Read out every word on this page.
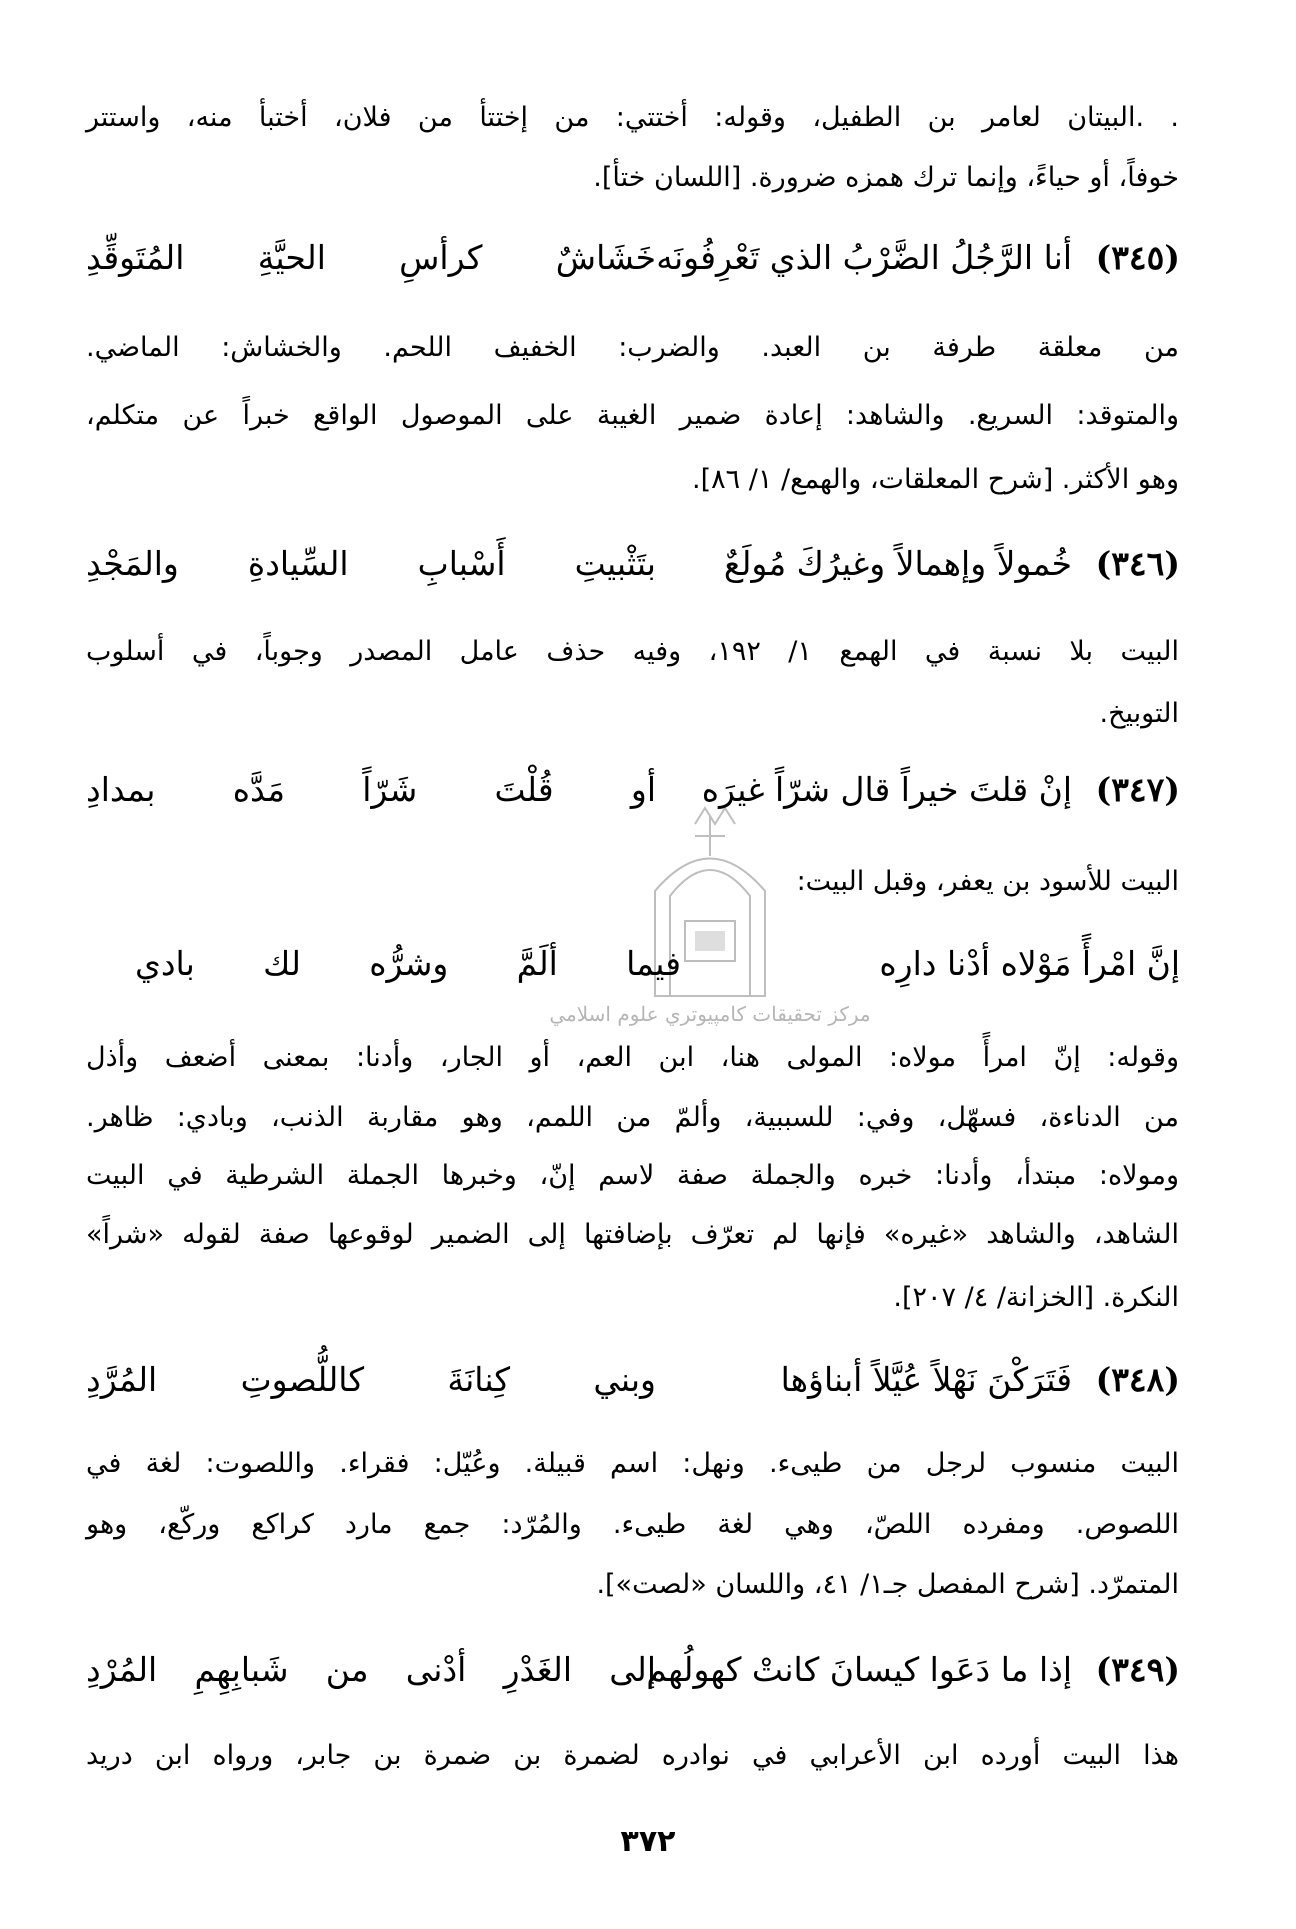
مركز تحقيقات كامپيوتري علوم اسلامي
. .البيتان لعامر بن الطفيل، وقوله: أختتي: من إختتأ من فلان، أختبأ منه، واستتر
خوفاً، أو حياءً، وإنما ترك همزه ضرورة. [اللسان ختأ].
(٣٤٥)
أنا الرَّجُلُ الضَّرْبُ الذي تَعْرِفُونَه
خَشَاشٌ كرأسِ الحيَّةِ المُتَوقِّدِ
من معلقة طرفة بن العبد. والضرب: الخفيف اللحم. والخشاش: الماضي.
والمتوقد: السريع. والشاهد: إعادة ضمير الغيبة على الموصول الواقع خبراً عن متكلم،
وهو الأكثر. [شرح المعلقات، والهمع/ ١/ ٨٦].
(٣٤٦)
خُمولاً وإهمالاً وغيرُكَ مُولَعٌ
بتَثْبيتِ أَسْبابِ السِّيادةِ والمَجْدِ
البيت بلا نسبة في الهمع ١/ ١٩٢، وفيه حذف عامل المصدر وجوباً، في أسلوب
التوبيخ.
(٣٤٧)
إنْ قلتَ خيراً قال شرّاً غيرَه
أو قُلْتَ شَرّاً مَدَّه بمدادِ
البيت للأسود بن يعفر، وقبل البيت:
إنَّ امْرأً مَوْلاه أدْنا دارِه
فيما ألَمَّ وشرُّه لك بادي
وقوله: إنّ امرأً مولاه: المولى هنا، ابن العم، أو الجار، وأدنا: بمعنى أضعف وأذل
من الدناءة، فسهّل، وفي: للسببية، وألمّ من اللمم، وهو مقاربة الذنب، وبادي: ظاهر.
ومولاه: مبتدأ، وأدنا: خبره والجملة صفة لاسم إنّ، وخبرها الجملة الشرطية في البيت
الشاهد، والشاهد «غيره» فإنها لم تعرّف بإضافتها إلى الضمير لوقوعها صفة لقوله «شراً»
النكرة. [الخزانة/ ٤/ ٢٠٧].
(٣٤٨)
فَتَرَكْنَ نَهْلاً عُيَّلاً أبناؤها
وبني كِنانَةَ كاللُّصوتِ المُرَّدِ
البيت منسوب لرجل من طيىء. ونهل: اسم قبيلة. وعُيّل: فقراء. واللصوت: لغة في
اللصوص. ومفرده اللصّ، وهي لغة طيىء. والمُرّد: جمع مارد كراكع وركّع، وهو
المتمرّد. [شرح المفصل جـ١/ ٤١، واللسان «لصت»].
(٣٤٩)
إذا ما دَعَوا كيسانَ كانتْ كهولُهم
إلى الغَدْرِ أدْنى من شَبابِهِمِ المُرْدِ
هذا البيت أورده ابن الأعرابي في نوادره لضمرة بن ضمرة بن جابر، ورواه ابن دريد
٣٧٢
